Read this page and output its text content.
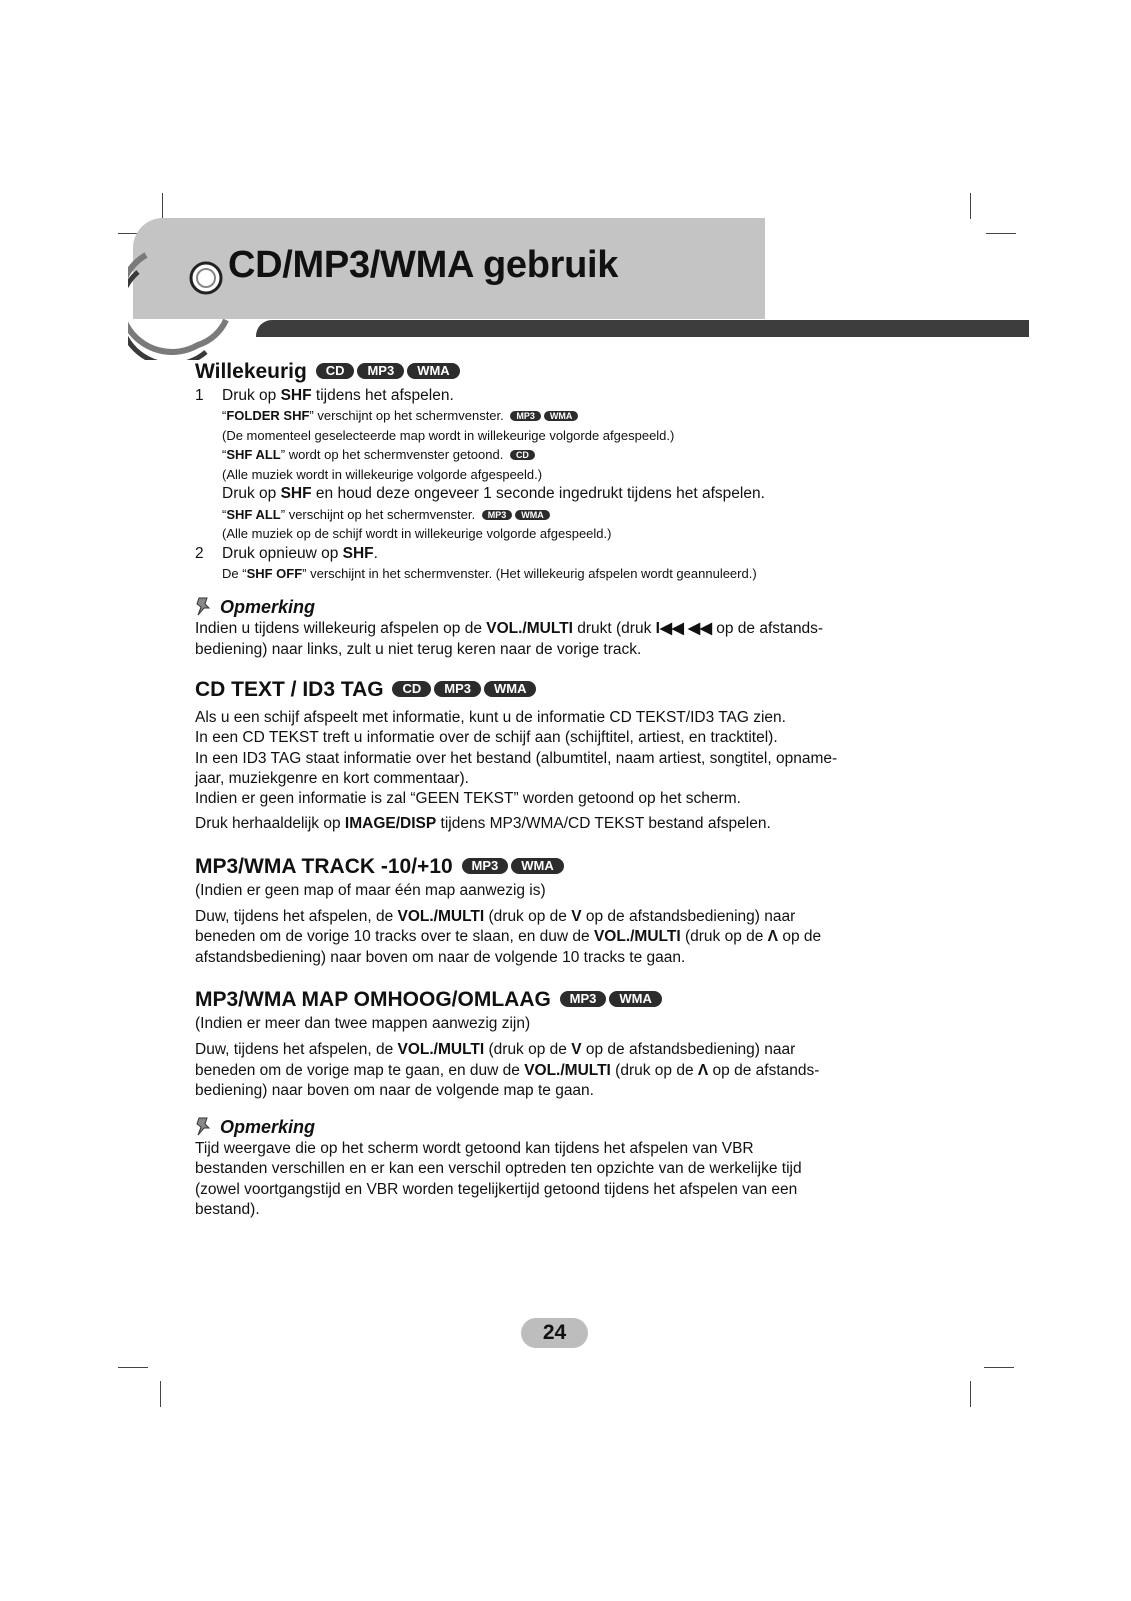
CD/MP3/WMA gebruik
Willekeurig CD MP3 WMA

1 Druk op SHF tijdens het afspelen.

“FOLDER SHF” verschijnt op het schermvenster. MP3 WMA

(De momenteel geselecteerde map wordt in willekeurige volgorde afgespeeld.)

“SHF ALL” wordt op het schermvenster getoond. CD

(Alle muziek wordt in willekeurige volgorde afgespeeld.)

Druk op SHF en houd deze ongeveer 1 seconde ingedrukt tijdens het afspelen.

“SHF ALL” verschijnt op het schermvenster. MP3 WMA

(Alle muziek op de schijf wordt in willekeurige volgorde afgespeeld.)

2 Druk opnieuw op SHF.

De “SHF OFF” verschijnt in het schermvenster. (Het willekeurig afspelen wordt geannuleerd.)

Opmerking

Indien u tijdens willekeurig afspelen op de VOL./MULTI drukt (druk I◀◀ ◀◀ op de afstands-

bediening) naar links, zult u niet terug keren naar de vorige track.

CD TEXT / ID3 TAG CD MP3 WMA

Als u een schijf afspeelt met informatie, kunt u de informatie CD TEKST/ID3 TAG zien.

In een CD TEKST treft u informatie over de schijf aan (schijftitel, artiest, en tracktitel).

In een ID3 TAG staat informatie over het bestand (albumtitel, naam artiest, songtitel, opname-

jaar, muziekgenre en kort commentaar).

Indien er geen informatie is zal “GEEN TEKST” worden getoond op het scherm.

Druk herhaaldelijk op IMAGE/DISP tijdens MP3/WMA/CD TEKST bestand afspelen.

MP3/WMA TRACK -10/+10 MP3 WMA

(Indien er geen map of maar één map aanwezig is)

Duw, tijdens het afspelen, de VOL./MULTI (druk op de V op de afstandsbediening) naar

beneden om de vorige 10 tracks over te slaan, en duw de VOL./MULTI (druk op de Λ op de

afstandsbediening) naar boven om naar de volgende 10 tracks te gaan.

MP3/WMA MAP OMHOOG/OMLAAG MP3 WMA

(Indien er meer dan twee mappen aanwezig zijn)

Duw, tijdens het afspelen, de VOL./MULTI (druk op de V op de afstandsbediening) naar

beneden om de vorige map te gaan, en duw de VOL./MULTI (druk op de Λ op de afstands-

bediening) naar boven om naar de volgende map te gaan.

Opmerking

Tijd weergave die op het scherm wordt getoond kan tijdens het afspelen van VBR

bestanden verschillen en er kan een verschil optreden ten opzichte van de werkelijke tijd

(zowel voortgangstijd en VBR worden tegelijkertijd getoond tijdens het afspelen van een

bestand).

24
